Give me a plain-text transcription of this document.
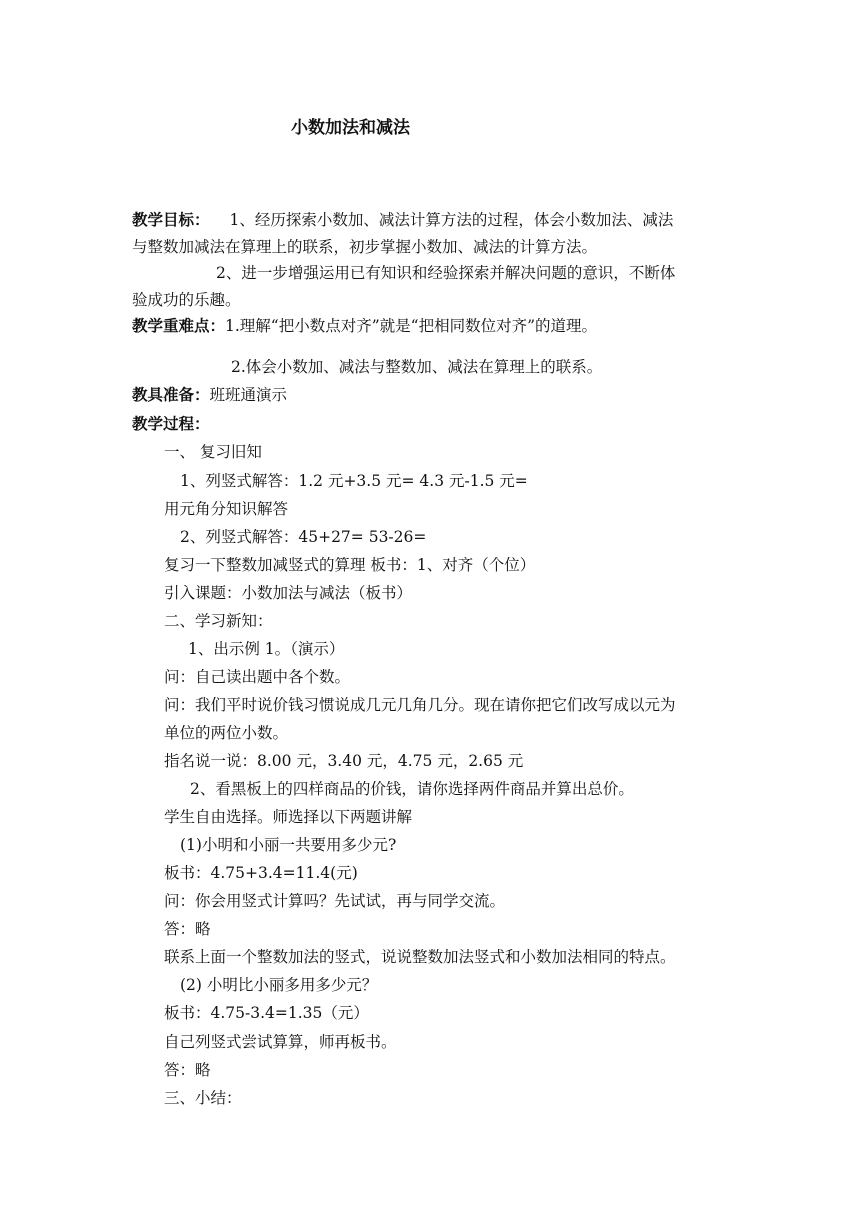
小数加法和减法
教学目标： 1、经历探索小数加、减法计算方法的过程，体会小数加法、减法
与整数加减法在算理上的联系，初步掌握小数加、减法的计算方法。
2、进一步增强运用已有知识和经验探索并解决问题的意识，不断体
验成功的乐趣。
教学重难点：1.理解“把小数点对齐”就是“把相同数位对齐”的道理。
2.体会小数加、减法与整数加、减法在算理上的联系。
教具准备：班班通演示
教学过程：
一、 复习旧知
1、列竖式解答：1.2 元+3.5 元= 4.3 元-1.5 元=
用元角分知识解答
2、列竖式解答：45+27= 53-26=
复习一下整数加减竖式的算理 板书：1、对齐（个位）
引入课题：小数加法与减法（板书）
二、学习新知：
1、出示例 1。（演示）
问：自己读出题中各个数。
问：我们平时说价钱习惯说成几元几角几分。现在请你把它们改写成以元为
单位的两位小数。
指名说一说：8.00 元，3.40 元，4.75 元，2.65 元
2、看黑板上的四样商品的价钱，请你选择两件商品并算出总价。
学生自由选择。师选择以下两题讲解
(1)小明和小丽一共要用多少元?
板书：4.75+3.4=11.4(元)
问：你会用竖式计算吗？先试试，再与同学交流。
答：略
联系上面一个整数加法的竖式，说说整数加法竖式和小数加法相同的特点。
(2) 小明比小丽多用多少元？
板书：4.75-3.4=1.35（元）
自己列竖式尝试算算，师再板书。
答：略
三、小结：
